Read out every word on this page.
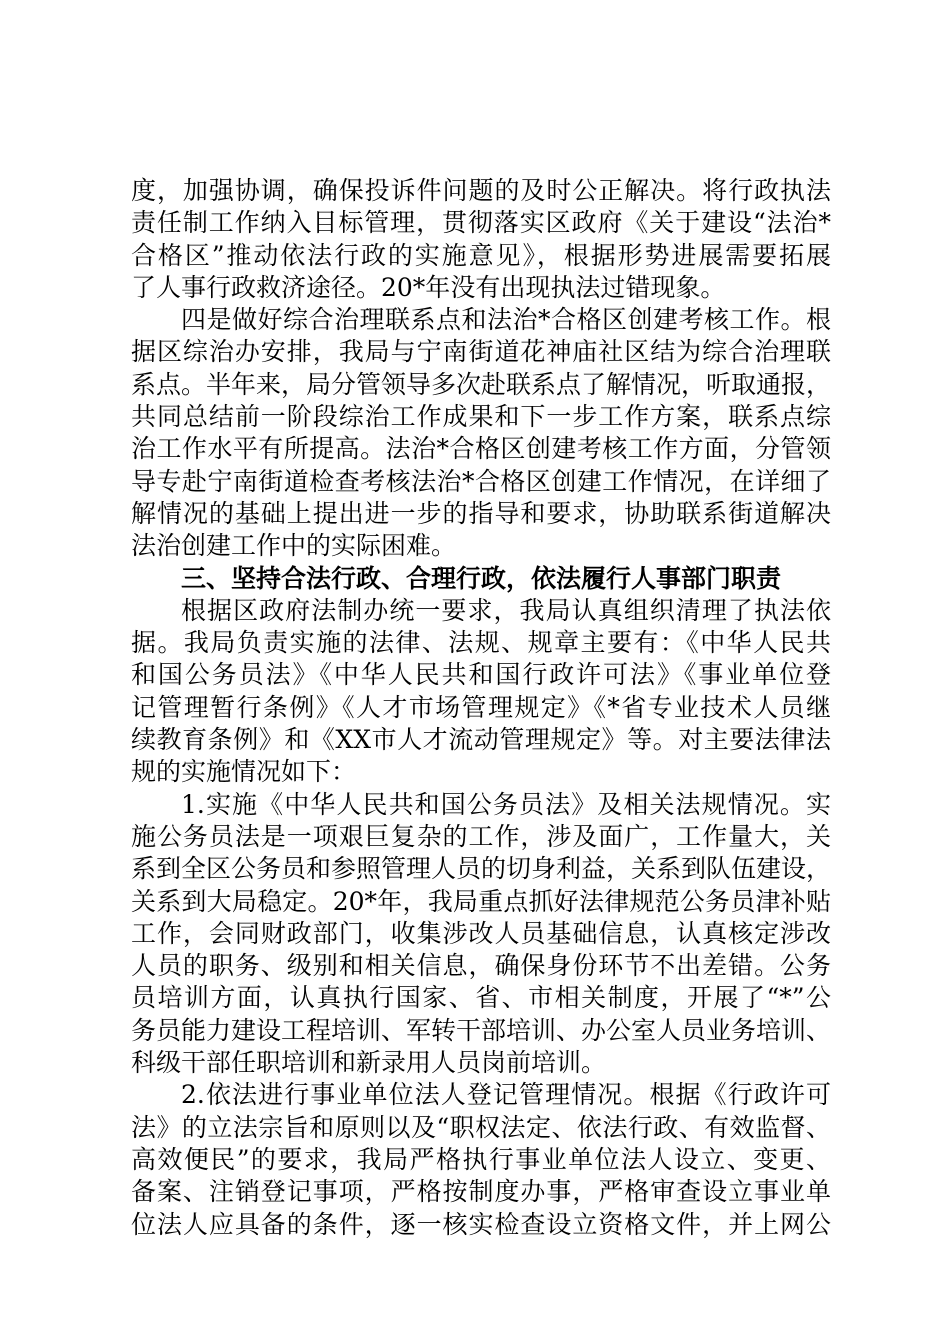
度，加强协调，确保投诉件问题的及时公正解决。将行政执法
责任制工作纳入目标管理，贯彻落实区政府《关于建设“法治*
合格区”推动依法行政的实施意见》，根据形势进展需要拓展
了人事行政救济途径。20*年没有出现执法过错现象。
四是做好综合治理联系点和法治*合格区创建考核工作。根
据区综治办安排，我局与宁南街道花神庙社区结为综合治理联
系点。半年来，局分管领导多次赴联系点了解情况，听取通报，
共同总结前一阶段综治工作成果和下一步工作方案，联系点综
治工作水平有所提高。法治*合格区创建考核工作方面，分管领
导专赴宁南街道检查考核法治*合格区创建工作情况，在详细了
解情况的基础上提出进一步的指导和要求，协助联系街道解决
法治创建工作中的实际困难。
三、坚持合法行政、合理行政，依法履行人事部门职责
根据区政府法制办统一要求，我局认真组织清理了执法依
据。我局负责实施的法律、法规、规章主要有：《中华人民共
和国公务员法》《中华人民共和国行政许可法》《事业单位登
记管理暂行条例》《人才市场管理规定》《*省专业技术人员继
续教育条例》和《XX市人才流动管理规定》等。对主要法律法
规的实施情况如下：
1.实施《中华人民共和国公务员法》及相关法规情况。实
施公务员法是一项艰巨复杂的工作，涉及面广，工作量大，关
系到全区公务员和参照管理人员的切身利益，关系到队伍建设，
关系到大局稳定。20*年，我局重点抓好法律规范公务员津补贴
工作，会同财政部门，收集涉改人员基础信息，认真核定涉改
人员的职务、级别和相关信息，确保身份环节不出差错。公务
员培训方面，认真执行国家、省、市相关制度，开展了“*”公
务员能力建设工程培训、军转干部培训、办公室人员业务培训、
科级干部任职培训和新录用人员岗前培训。
2.依法进行事业单位法人登记管理情况。根据《行政许可
法》的立法宗旨和原则以及“职权法定、依法行政、有效监督、
高效便民”的要求，我局严格执行事业单位法人设立、变更、
备案、注销登记事项，严格按制度办事，严格审查设立事业单
位法人应具备的条件，逐一核实检查设立资格文件，并上网公
